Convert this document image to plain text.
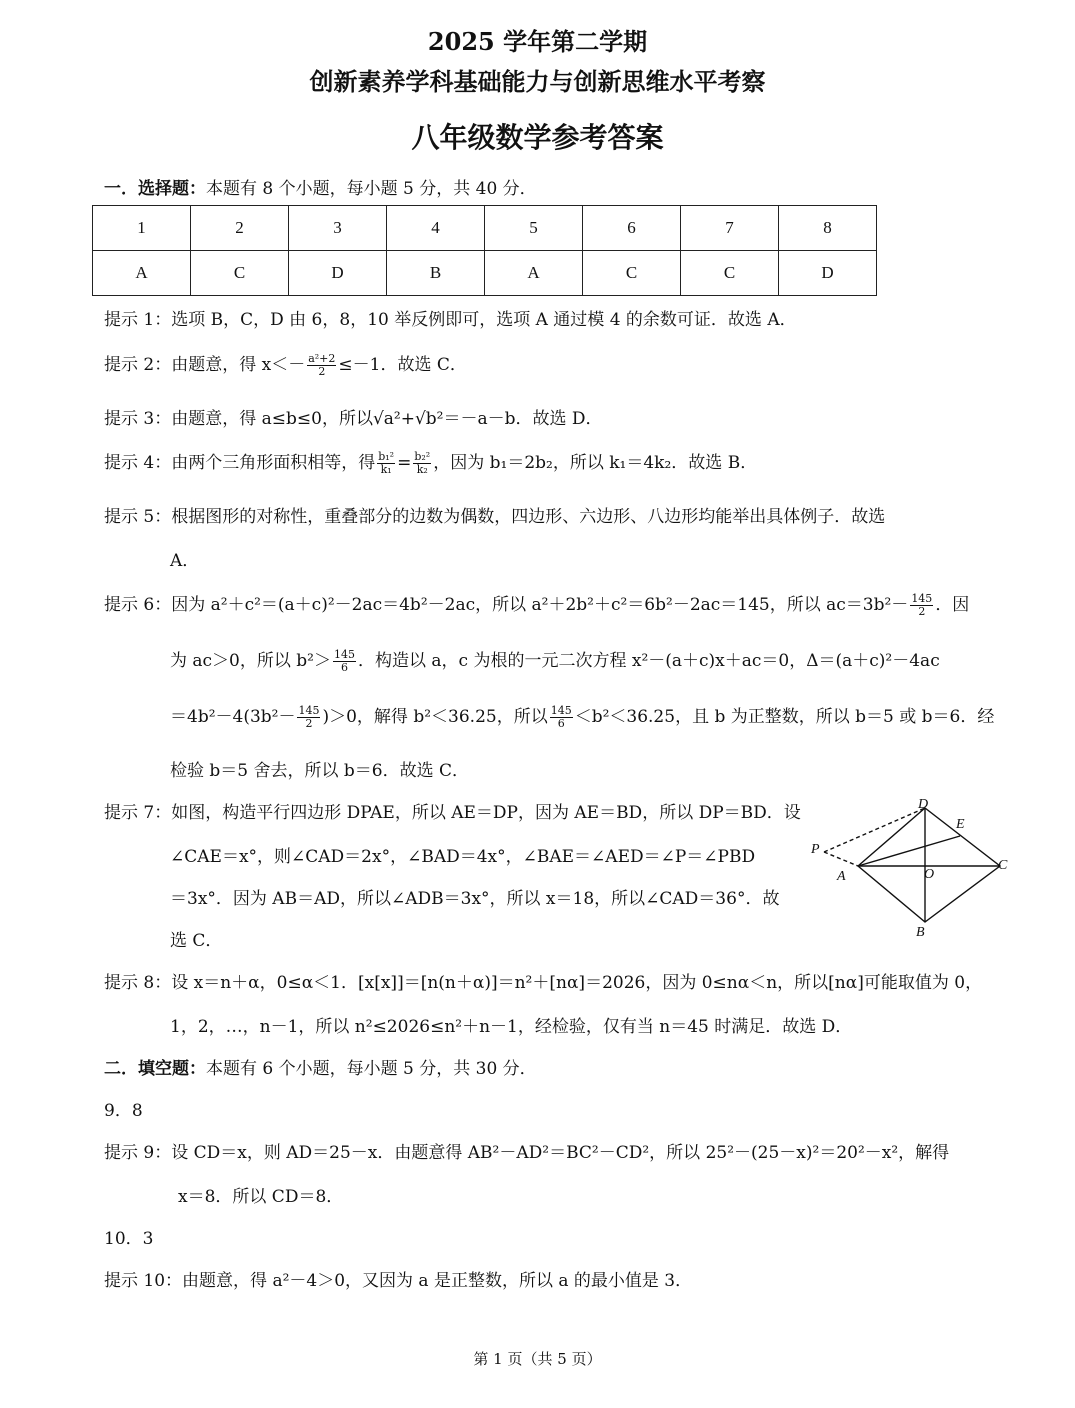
2025 学年第二学期
创新素养学科基础能力与创新思维水平考察
八年级数学参考答案
一．选择题：本题有 8 个小题，每小题 5 分，共 40 分．
1	2	3	4	5	6	7	8
A	C	D	B	A	C	C	D
提示 1：选项 B，C，D 由 6，8，10 举反例即可，选项 A 通过模 4 的余数可证．故选 A．
提示 2：由题意，得 $x<- \frac{\text{a²+2}}{2} \le-1$．故选 C．
提示 3：由题意，得 a≤b≤0，所以√a²+√b²＝－a－b．故选 D．
提示 4：由两个三角形面积相等，得 $\frac{\text{b₁²}}{\text{k₁}} = \frac{\text{b₂²}}{\text{k₂}}$ ，因为 b₁＝2b₂，所以 k₁＝4k₂．故选 B．
提示 5：根据图形的对称性，重叠部分的边数为偶数，四边形、六边形、八边形均能举出具体例子．故选
A．
提示 6：因为 a²＋c²＝(a＋c)²－2ac＝4b²－2ac，所以 a²＋2b²＋c²＝6b²－2ac＝145，所以 $ac=3b^2- \frac{145}{2}$ ．因
为 ac＞0，所以 $b^2> \frac{145}{6}$ ．构造以 a，c 为根的一元二次方程 x²－(a＋c)x＋ac＝0，Δ＝(a＋c)²－4ac
$=4b^2-4(3b^2- \frac{145}{2} )>0$，解得 b²＜36.25，所以 $\frac{145}{6} <b^2<36.25$，且 b 为正整数，所以 b＝5 或 b＝6．经
检验 b＝5 舍去，所以 b＝6．故选 C．
提示 7：如图，构造平行四边形 DPAE，所以 AE＝DP，因为 AE＝BD，所以 DP＝BD．设
∠CAE＝x°，则∠CAD＝2x°，∠BAD＝4x°，∠BAE＝∠AED＝∠P＝∠PBD
＝3x°．因为 AB＝AD，所以∠ADB＝3x°，所以 x＝18，所以∠CAD＝36°．故
选 C．
D
E
P
A	O
C
B
提示 8：设 x＝n＋α，0≤α＜1．[x[x]]＝[n(n＋α)]＝n²＋[nα]＝2026，因为 0≤nα＜n，所以[nα]可能取值为 0，
1，2，…，n－1，所以 n²≤2026≤n²＋n－1，经检验，仅有当 n＝45 时满足．故选 D．
二．填空题：本题有 6 个小题，每小题 5 分，共 30 分．
9．8
提示 9：设 CD＝x，则 AD＝25－x．由题意得 AB²－AD²＝BC²－CD²，所以 25²－(25－x)²＝20²－x²，解得
x＝8．所以 CD＝8．
10．3
提示 10：由题意，得 a²－4＞0，又因为 a 是正整数，所以 a 的最小值是 3．
第 1 页（共 5 页）
